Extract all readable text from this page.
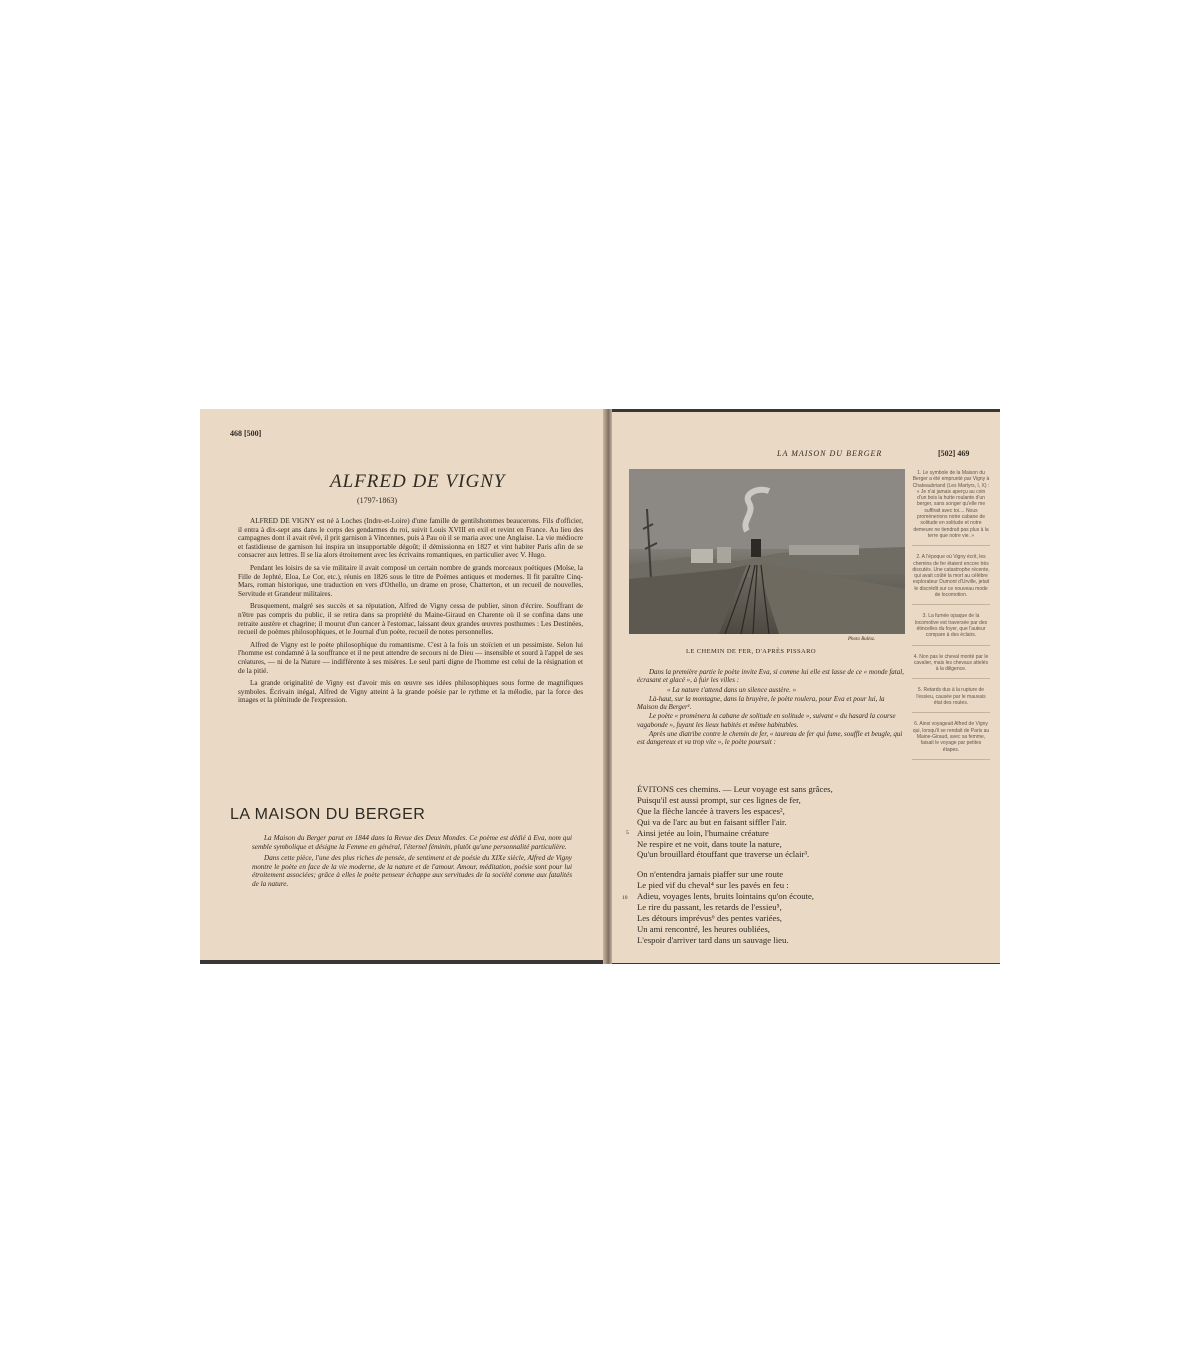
468 [500]
ALFRED DE VIGNY
(1797-1863)

ALFRED DE VIGNY est né à Loches (Indre-et-Loire) d'une famille de gentilshommes beaucerons. Fils d'officier, il entra à dix-sept ans dans le corps des gendarmes du roi, suivit Louis XVIII en exil et revint en France. Au lieu des campagnes dont il avait rêvé, il prit garnison à Vincennes, puis à Pau où il se maria avec une Anglaise. La vie médiocre et fastidieuse de garnison lui inspira un insupportable dégoût; il démissionna en 1827 et vint habiter Paris afin de se consacrer aux lettres. Il se lia alors étroitement avec les écrivains romantiques, en particulier avec V. Hugo.

Pendant les loisirs de sa vie militaire il avait composé un certain nombre de grands morceaux poétiques (Moïse, la Fille de Jephté, Eloa, Le Cor, etc.), réunis en 1826 sous le titre de Poèmes antiques et modernes. Il fit paraître Cinq-Mars, roman historique, une traduction en vers d'Othello, un drame en prose, Chatterton, et un recueil de nouvelles, Servitude et Grandeur militaires.

Brusquement, malgré ses succès et sa réputation, Alfred de Vigny cessa de publier, sinon d'écrire. Souffrant de n'être pas compris du public, il se retira dans sa propriété du Maine-Giraud en Charente où il se confina dans une retraite austère et chagrine; il mourut d'un cancer à l'estomac, laissant deux grandes œuvres posthumes : Les Destinées, recueil de poèmes philosophiques, et le Journal d'un poète, recueil de notes personnelles.

Alfred de Vigny est le poète philosophique du romantisme. C'est à la fois un stoïcien et un pessimiste. Selon lui l'homme est condamné à la souffrance et il ne peut attendre de secours ni de Dieu — insensible et sourd à l'appel de ses créatures, — ni de la Nature — indifférente à ses misères. Le seul parti digne de l'homme est celui de la résignation et de la pitié.

La grande originalité de Vigny est d'avoir mis en œuvre ses idées philosophiques sous forme de magnifiques symboles. Écrivain inégal, Alfred de Vigny atteint à la grande poésie par le rythme et la mélodie, par la force des images et la plénitude de l'expression.

LA MAISON DU BERGER

La Maison du Berger parut en 1844 dans la Revue des Deux Mondes. Ce poème est dédié à Eva, nom qui semble symbolique et désigne la Femme en général, l'éternel féminin, plutôt qu'une personnalité particulière.

Dans cette pièce, l'une des plus riches de pensée, de sentiment et de poésie du XIXe siècle, Alfred de Vigny montre le poète en face de la vie moderne, de la nature et de l'amour. Amour, méditation, poésie sont pour lui étroitement associées; grâce à elles le poète penseur échappe aux servitudes de la société comme aux fatalités de la nature.

LA MAISON DU BERGER	[502] 469
Photo Bulloz.
LE CHEMIN DE FER, D'APRÈS PISSARO

Dans la première partie le poète invite Eva, si comme lui elle est lasse de ce « monde fatal, écrasant et glacé », à fuir les villes :

« La nature t'attend dans un silence austère. »

Là-haut, sur la montagne, dans la bruyère, le poète roulera, pour Eva et pour lui, la Maison du Berger¹.

Le poète « promènera la cabane de solitude en solitude », suivant « du hasard la course vagabonde », fuyant les lieux habités et même habitables.

Après une diatribe contre le chemin de fer, « taureau de fer qui fume, souffle et beugle, qui est dangereux et va trop vite », le poète poursuit :

ÉVITONS ces chemins. — Leur voyage est sans grâces,
Puisqu'il est aussi prompt, sur ces lignes de fer,
Que la flèche lancée à travers les espaces²,
Qui va de l'arc au but en faisant siffler l'air.
Ainsi jetée au loin, l'humaine créature
Ne respire et ne voit, dans toute la nature,
Qu'un brouillard étouffant que traverse un éclair³.
On n'entendra jamais piaffer sur une route
Le pied vif du cheval⁴ sur les pavés en feu :
Adieu, voyages lents, bruits lointains qu'on écoute,
Le rire du passant, les retards de l'essieu⁵,
Les détours imprévus⁶ des pentes variées,
Un ami rencontré, les heures oubliées,
L'espoir d'arriver tard dans un sauvage lieu.
5
10
1. Le symbole de la Maison du Berger a été emprunté par Vigny à Chateaubriand (Les Martyrs, I, X) : « Je n'ai jamais aperçu au coin d'un bois la hutte roulante d'un berger, sans songer qu'elle me suffirait avec toi.... Nous promènerions notre cabane de solitude en solitude et notre demeure ne tiendrait pas plus à la terre que notre vie. »
2. A l'époque où Vigny écrit, les chemins de fer étaient encore très discutés. Une catastrophe récente, qui avait coûté la mort au célèbre explorateur Dumont d'Urville, jetait le discrédit sur ce nouveau mode de locomotion.
3. La fumée opaque de la locomotive est traversée par des étincelles du foyer, que l'auteur compare à des éclairs.
4. Non pas le cheval monté par le cavalier, mais les chevaux attelés à la diligence.
5. Retards dus à la rupture de l'essieu, causée par le mauvais état des routes.
6. Ainsi voyageait Alfred de Vigny qui, lorsqu'il se rendait de Paris au Maine-Giraud, avec sa femme, faisait le voyage par petites étapes.
